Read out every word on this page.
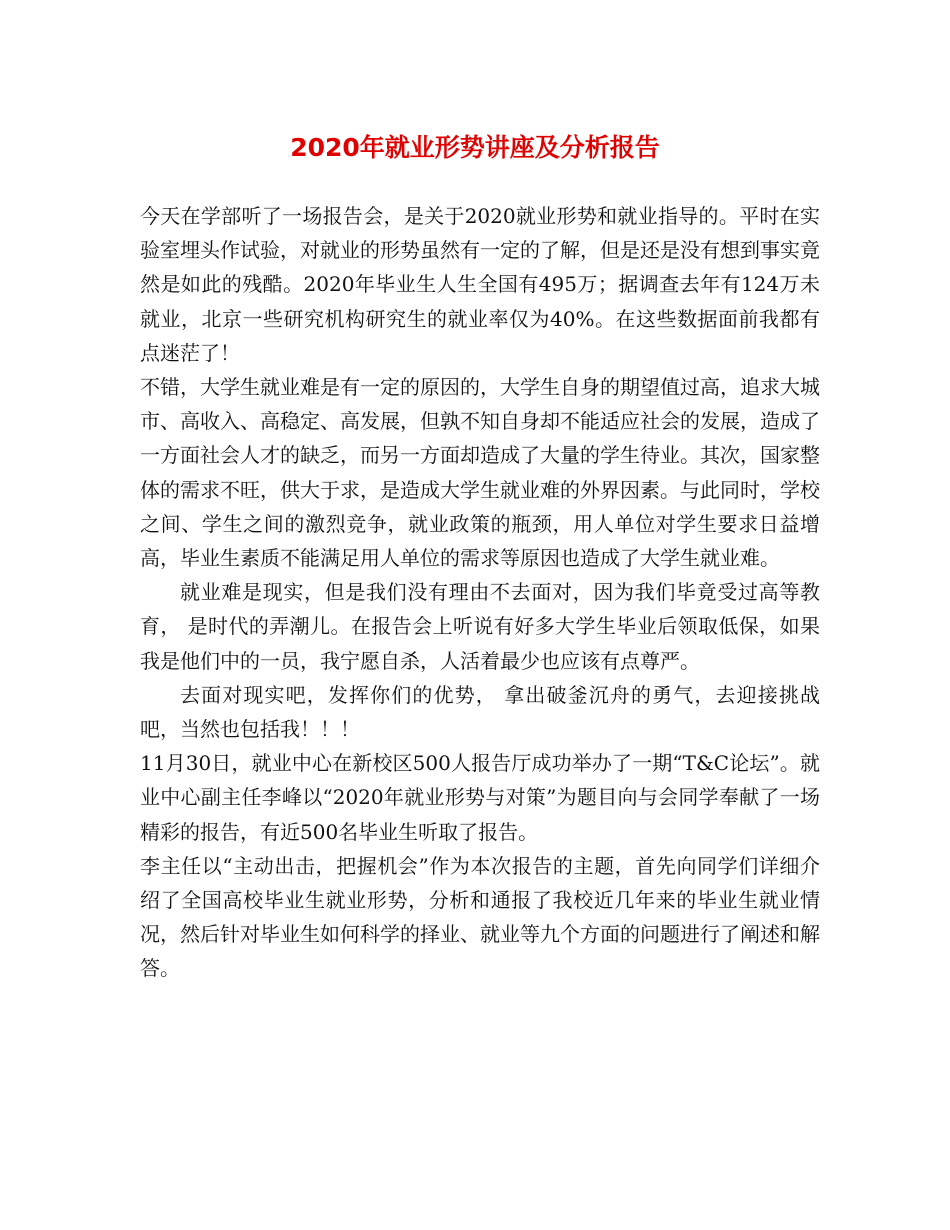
2020年就业形势讲座及分析报告

今天在学部听了一场报告会，是关于2020就业形势和就业指导的。平时在实验室埋头作试验，对就业的形势虽然有一定的了解，但是还是没有想到事实竟然是如此的残酷。2020年毕业生人生全国有495万；据调查去年有124万未就业，北京一些研究机构研究生的就业率仅为40%。在这些数据面前我都有点迷茫了！

不错，大学生就业难是有一定的原因的，大学生自身的期望值过高，追求大城市、高收入、高稳定、高发展，但孰不知自身却不能适应社会的发展，造成了一方面社会人才的缺乏，而另一方面却造成了大量的学生待业。其次，国家整体的需求不旺，供大于求，是造成大学生就业难的外界因素。与此同时，学校之间、学生之间的激烈竞争，就业政策的瓶颈，用人单位对学生要求日益增高，毕业生素质不能满足用人单位的需求等原因也造成了大学生就业难。

就业难是现实，但是我们没有理由不去面对，因为我们毕竟受过高等教育， 是时代的弄潮儿。在报告会上听说有好多大学生毕业后领取低保，如果我是他们中的一员，我宁愿自杀，人活着最少也应该有点尊严。

去面对现实吧，发挥你们的优势， 拿出破釜沉舟的勇气，去迎接挑战吧，当然也包括我！！！

11月30日，就业中心在新校区500人报告厅成功举办了一期“T&C论坛”。就业中心副主任李峰以“2020年就业形势与对策”为题目向与会同学奉献了一场精彩的报告，有近500名毕业生听取了报告。

李主任以“主动出击，把握机会”作为本次报告的主题，首先向同学们详细介绍了全国高校毕业生就业形势，分析和通报了我校近几年来的毕业生就业情况，然后针对毕业生如何科学的择业、就业等九个方面的问题进行了阐述和解答。
